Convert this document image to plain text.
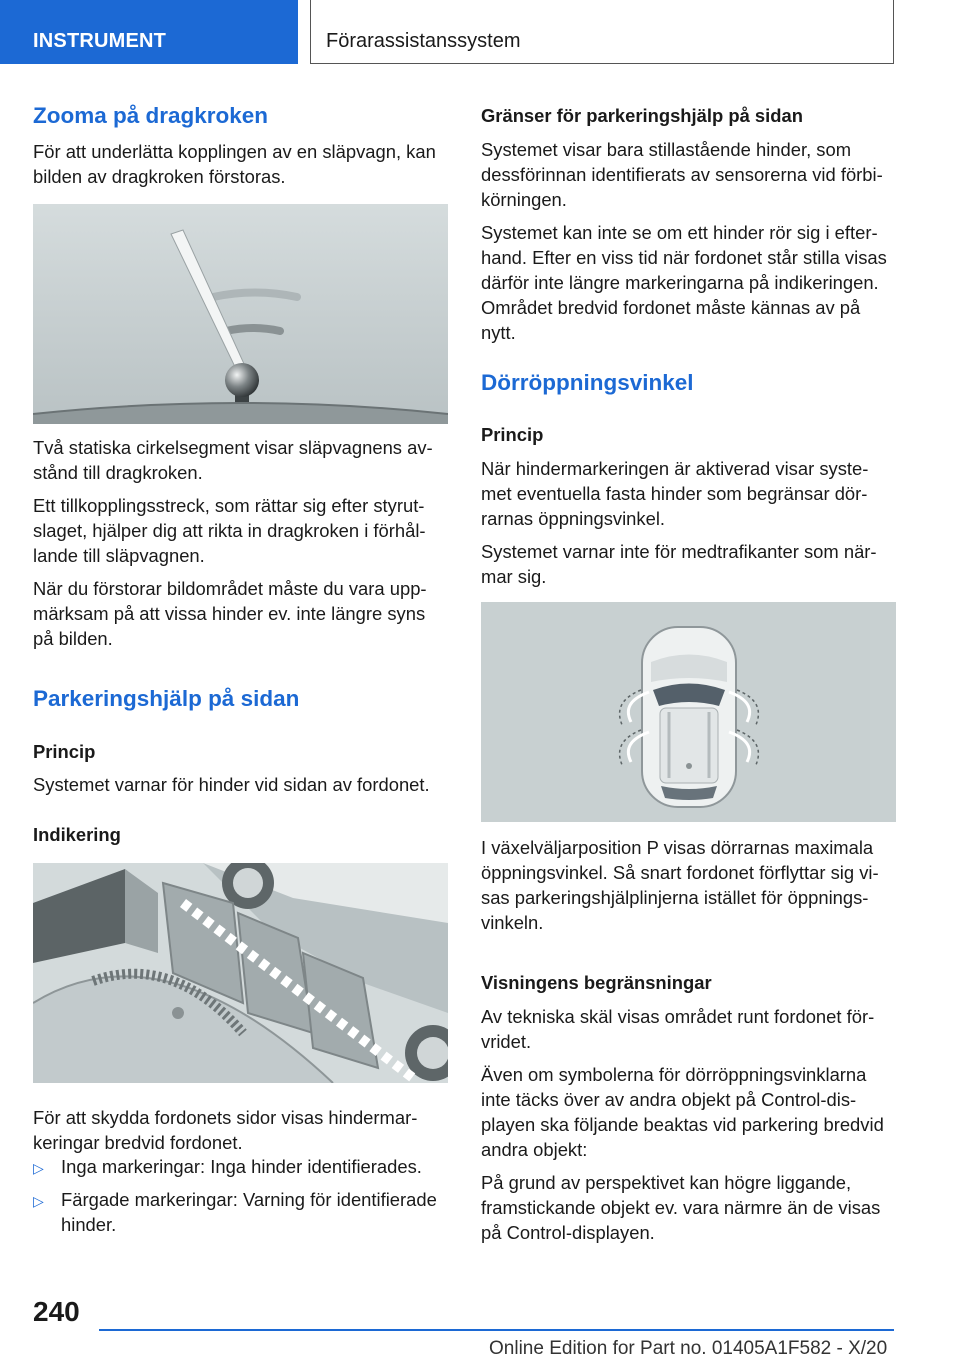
INSTRUMENT	Förarassistanssystem
Zooma på dragkroken
För att underlätta kopplingen av en släpvagn, kan
bilden av dragkroken förstoras.
Två statiska cirkelsegment visar släpvagnens av-
stånd till dragkroken.
Ett tillkopplingsstreck, som rättar sig efter styrut-
slaget, hjälper dig att rikta in dragkroken i förhål-
lande till släpvagnen.
När du förstorar bildområdet måste du vara upp-
märksam på att vissa hinder ev. inte längre syns
på bilden.
Parkeringshjälp på sidan
Princip
Systemet varnar för hinder vid sidan av fordonet.
Indikering
För att skydda fordonets sidor visas hindermar-
keringar bredvid fordonet.
▷ Inga markeringar: Inga hinder identifierades.
▷ Färgade markeringar: Varning för identifierade
hinder.
Gränser för parkeringshjälp på sidan
Systemet visar bara stillastående hinder, som
dessförinnan identifierats av sensorerna vid förbi-
körningen.
Systemet kan inte se om ett hinder rör sig i efter-
hand. Efter en viss tid när fordonet står stilla visas
därför inte längre markeringarna på indikeringen.
Området bredvid fordonet måste kännas av på
nytt.
Dörröppningsvinkel
Princip
När hindermarkeringen är aktiverad visar syste-
met eventuella fasta hinder som begränsar dör-
rarnas öppningsvinkel.
Systemet varnar inte för medtrafikanter som när-
mar sig.
I växelväljarposition P visas dörrarnas maximala
öppningsvinkel. Så snart fordonet förflyttar sig vi-
sas parkeringshjälplinjerna istället för öppnings-
vinkeln.
Visningens begränsningar
Av tekniska skäl visas området runt fordonet för-
vridet.
Även om symbolerna för dörröppningsvinklarna
inte täcks över av andra objekt på Control-dis-
playen ska följande beaktas vid parkering bredvid
andra objekt:
På grund av perspektivet kan högre liggande,
framstickande objekt ev. vara närmre än de visas
på Control-displayen.
240
Online Edition for Part no. 01405A1F582 - X/20
